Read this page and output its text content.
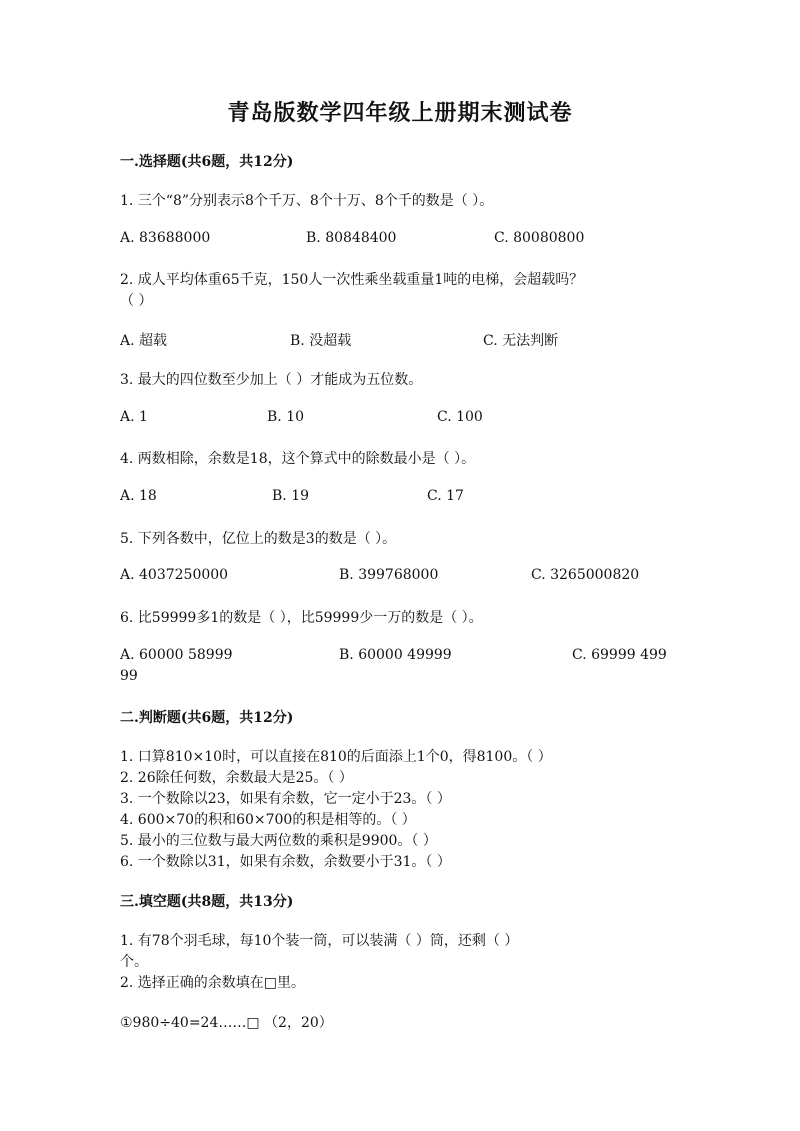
青岛版数学四年级上册期末测试卷
一.选择题(共6题，共12分)
1. 三个“8”分别表示8个千万、8个十万、8个千的数是（ ）。
A. 83688000	B. 80848400	C. 80080800
2. 成人平均体重65千克，150人一次性乘坐载重量1吨的电梯，会超载吗？
（ ）
A. 超载	B. 没超载	C. 无法判断
3. 最大的四位数至少加上（ ）才能成为五位数。
A. 1	B. 10	C. 100
4. 两数相除，余数是18，这个算式中的除数最小是（ ）。
A. 18	B. 19	C. 17
5. 下列各数中，亿位上的数是3的数是（ ）。
A. 4037250000	B. 399768000	C. 3265000820
6. 比59999多1的数是（ ），比59999少一万的数是（ ）。
A. 60000 58999	B. 60000 49999	C. 69999 499
99
二.判断题(共6题，共12分)
1. 口算810×10时，可以直接在810的后面添上1个0，得8100。（ ）
2. 26除任何数，余数最大是25。（ ）
3. 一个数除以23，如果有余数，它一定小于23。（ ）
4. 600×70的积和60×700的积是相等的。（ ）
5. 最小的三位数与最大两位数的乘积是9900。（ ）
6. 一个数除以31，如果有余数，余数要小于31。（ ）
三.填空题(共8题，共13分)
1. 有78个羽毛球，每10个装一筒，可以装满（ ）筒，还剩（ ）
个。
2. 选择正确的余数填在□里。
①980÷40=24……□ （2，20）
